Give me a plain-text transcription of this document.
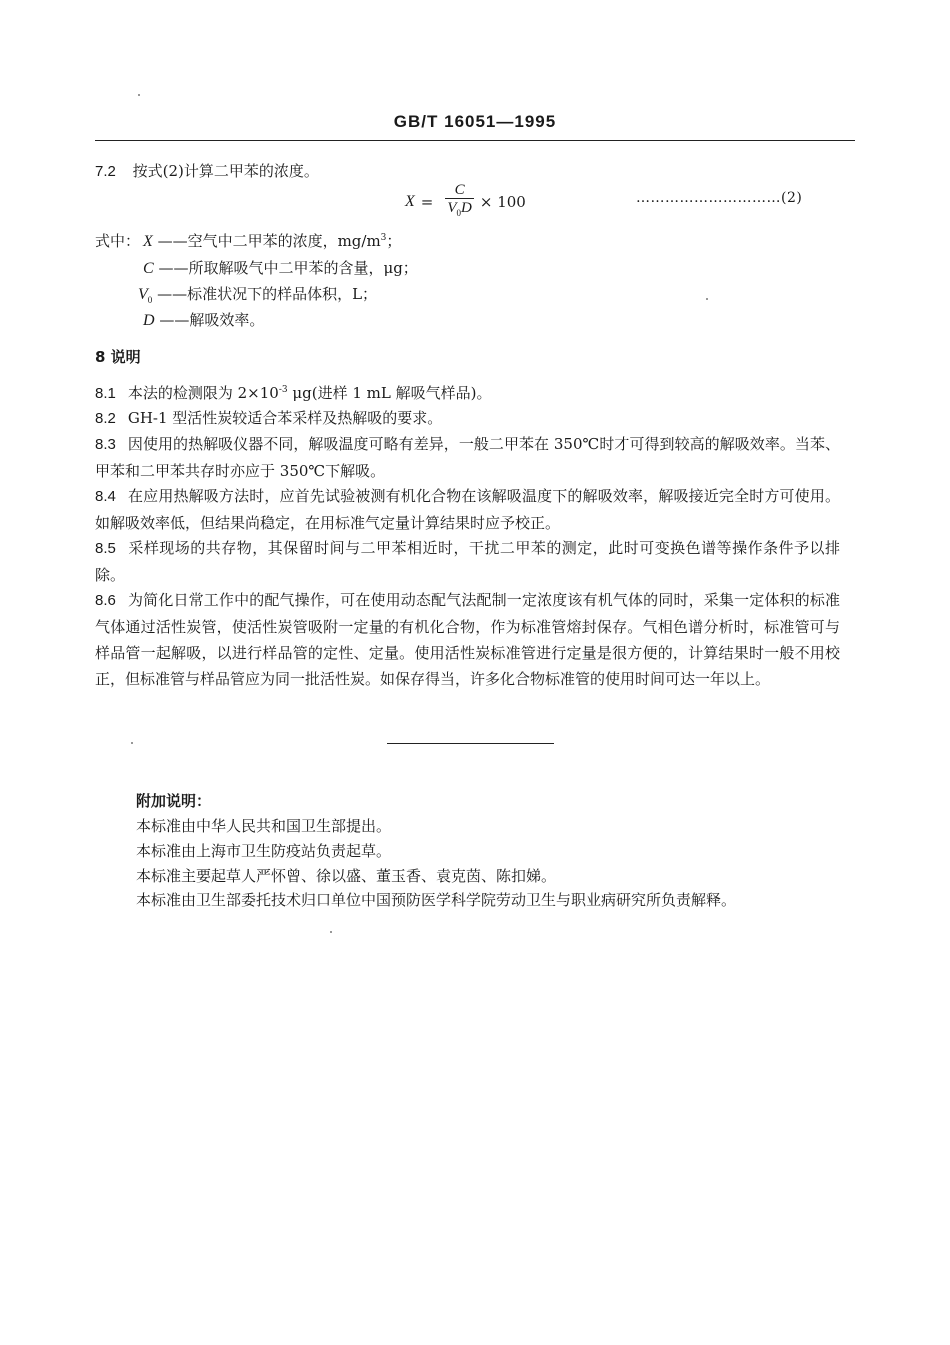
GB/T 16051—1995
7.2 按式(2)计算二甲苯的浓度。
$X = \frac{C}{V_0D} \times 100$	…………………………(2)
式中： X ——空气中二甲苯的浓度，$mg/m^3$；
C ——所取解吸气中二甲苯的含量，μg；
$V_0$ ——标准状况下的样品体积，L；
D ——解吸效率。
8 说明
8.1 本法的检测限为 $2\times 10^{-3}$ μg(进样 1 mL 解吸气样品)。
8.2 GH-1 型活性炭较适合苯采样及热解吸的要求。
8.3 因使用的热解吸仪器不同，解吸温度可略有差异，一般二甲苯在 350℃时才可得到较高的解吸效率。当苯、甲苯和二甲苯共存时亦应于 350℃下解吸。
8.4 在应用热解吸方法时，应首先试验被测有机化合物在该解吸温度下的解吸效率，解吸接近完全时方可使用。如解吸效率低，但结果尚稳定，在用标准气定量计算结果时应予校正。
8.5 采样现场的共存物，其保留时间与二甲苯相近时，干扰二甲苯的测定，此时可变换色谱等操作条件予以排除。
8.6 为简化日常工作中的配气操作，可在使用动态配气法配制一定浓度该有机气体的同时，采集一定体积的标准气体通过活性炭管，使活性炭管吸附一定量的有机化合物，作为标准管熔封保存。气相色谱分析时，标准管可与样品管一起解吸，以进行样品管的定性、定量。使用活性炭标准管进行定量是很方便的，计算结果时一般不用校正，但标准管与样品管应为同一批活性炭。如保存得当，许多化合物标准管的使用时间可达一年以上。
附加说明：
本标准由中华人民共和国卫生部提出。
本标准由上海市卫生防疫站负责起草。
本标准主要起草人严怀曾、徐以盛、董玉香、袁克茵、陈扣娣。
本标准由卫生部委托技术归口单位中国预防医学科学院劳动卫生与职业病研究所负责解释。
